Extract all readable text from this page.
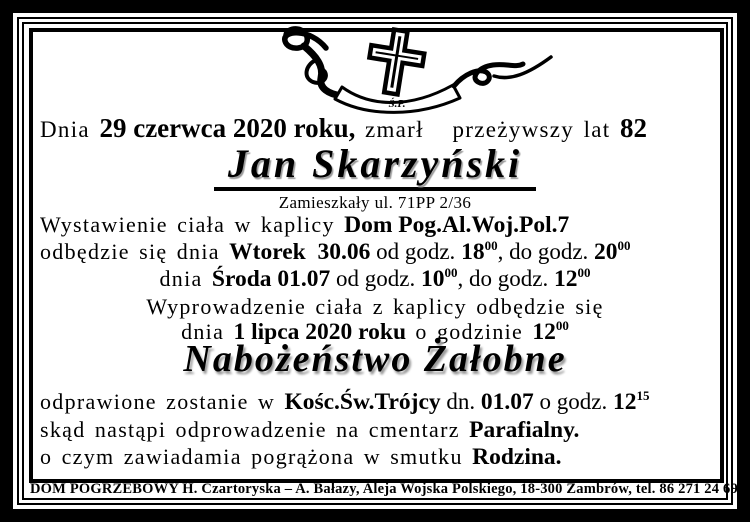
Ś.P.
Dnia 29 czerwca 2020 roku, zmarł   przeżywszy lat 82
Jan Skarzyński
Zamieszkały ul. 71PP 2/36
Wystawienie ciała w kaplicy Dom Pog.Al.Woj.Pol.7
odbędzie się dnia Wtorek  30.06 od godz. $18^{00}$, do godz. $20^{00}$
dnia Środa 01.07 od godz. $10^{00}$, do godz. $12^{00}$
Wyprowadzenie ciała z kaplicy odbędzie się
dnia 1 lipca 2020 roku o godzinie $12^{00}$
Nabożeństwo Żałobne
odprawione zostanie w Kośc.Św.Trójcy dn. 01.07 o godz. $12^{15}$
skąd nastąpi odprowadzenie na cmentarz Parafialny.
o czym zawiadamia pogrążona w smutku Rodzina.
DOM POGRZEBOWY H. Czartoryska – A. Bałazy, Aleja Wojska Polskiego, 18-300 Zambrów, tel. 86 271 24 69
